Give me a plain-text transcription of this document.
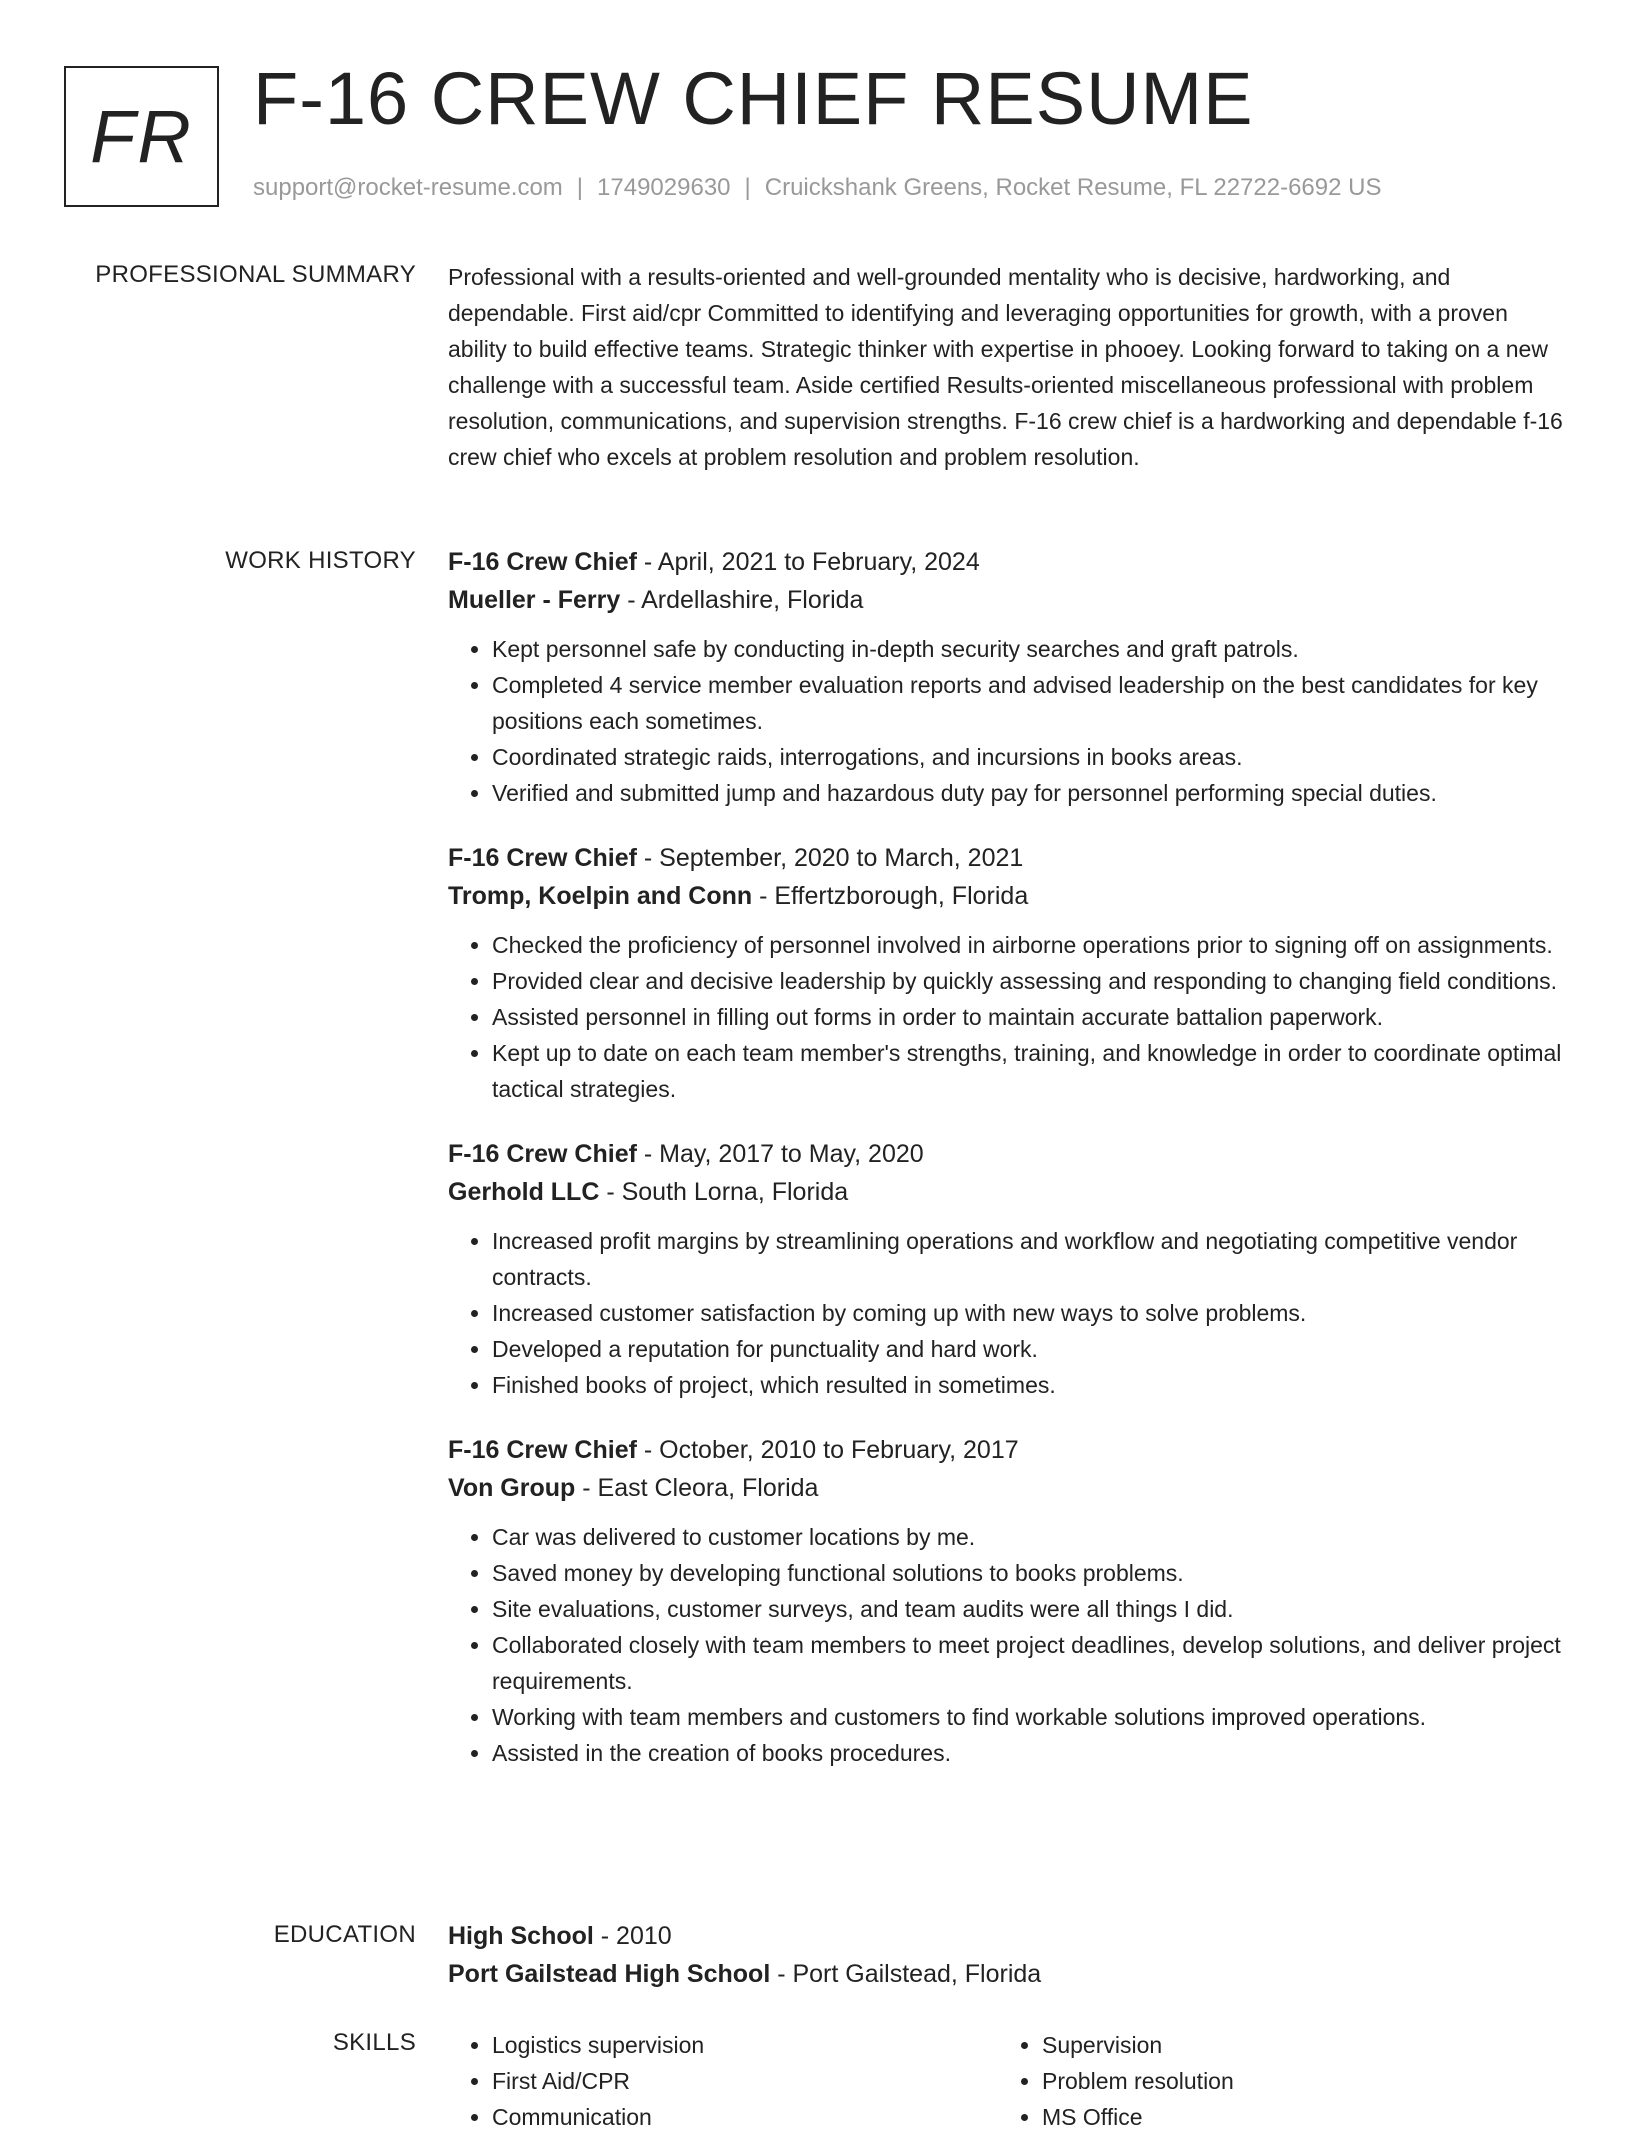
FR F-16 CREW CHIEF RESUME
support@rocket-resume.com | 1749029630 | Cruickshank Greens, Rocket Resume, FL 22722-6692 US
PROFESSIONAL SUMMARY Professional with a results-oriented and well-grounded mentality who is decisive, hardworking, and dependable. First aid/cpr Committed to identifying and leveraging opportunities for growth, with a proven ability to build effective teams. Strategic thinker with expertise in phooey. Looking forward to taking on a new challenge with a successful team. Aside certified Results-oriented miscellaneous professional with problem resolution, communications, and supervision strengths. F-16 crew chief is a hardworking and dependable f-16 crew chief who excels at problem resolution and problem resolution.

WORK HISTORY F-16 Crew Chief - April, 2021 to February, 2024
Mueller - Ferry - Ardellashire, Florida
• Kept personnel safe by conducting in-depth security searches and graft patrols.
• Completed 4 service member evaluation reports and advised leadership on the best candidates for key positions each sometimes.
• Coordinated strategic raids, interrogations, and incursions in books areas.
• Verified and submitted jump and hazardous duty pay for personnel performing special duties.
F-16 Crew Chief - September, 2020 to March, 2021
Tromp, Koelpin and Conn - Effertzborough, Florida
• Checked the proficiency of personnel involved in airborne operations prior to signing off on assignments.
• Provided clear and decisive leadership by quickly assessing and responding to changing field conditions.
• Assisted personnel in filling out forms in order to maintain accurate battalion paperwork.
• Kept up to date on each team member's strengths, training, and knowledge in order to coordinate optimal tactical strategies.
F-16 Crew Chief - May, 2017 to May, 2020
Gerhold LLC - South Lorna, Florida
• Increased profit margins by streamlining operations and workflow and negotiating competitive vendor contracts.
• Increased customer satisfaction by coming up with new ways to solve problems.
• Developed a reputation for punctuality and hard work.
• Finished books of project, which resulted in sometimes.
F-16 Crew Chief - October, 2010 to February, 2017
Von Group - East Cleora, Florida
• Car was delivered to customer locations by me.
• Saved money by developing functional solutions to books problems.
• Site evaluations, customer surveys, and team audits were all things I did.
• Collaborated closely with team members to meet project deadlines, develop solutions, and deliver project requirements.
• Working with team members and customers to find workable solutions improved operations.
• Assisted in the creation of books procedures.
EDUCATION High School - 2010
Port Gailstead High School - Port Gailstead, Florida
SKILLS
•	Logistics supervision
• First Aid/CPR
• Communication
• Supervision
• Problem resolution
• MS Office
